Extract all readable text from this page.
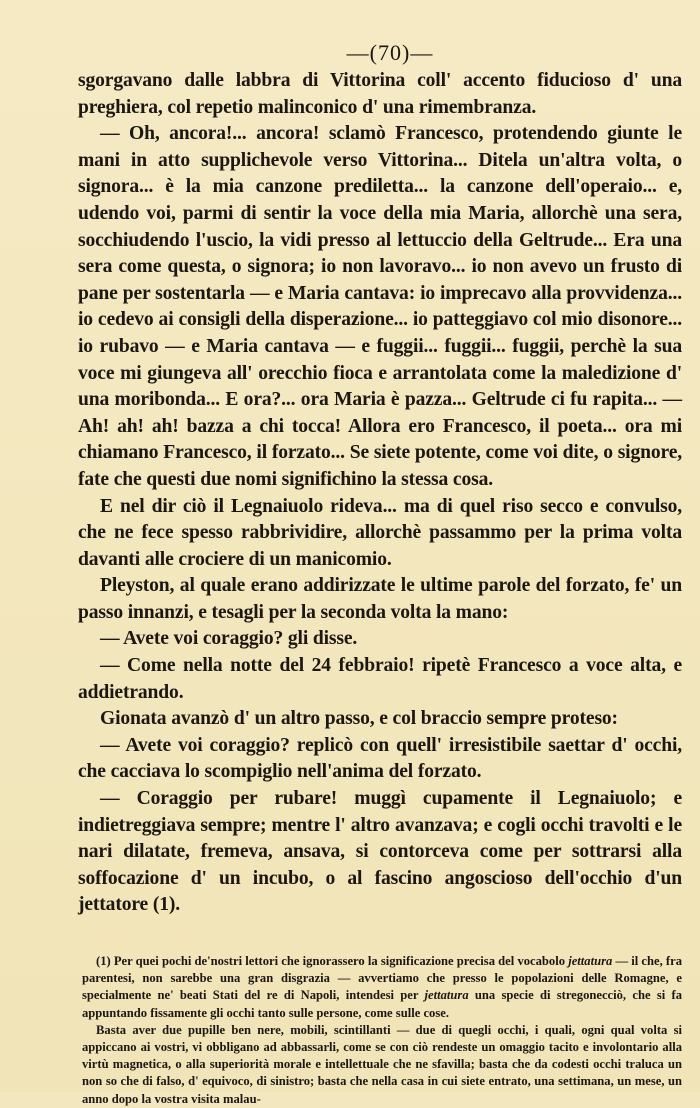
—(70)—

sgorgavano dalle labbra di Vittorina coll' accento fiducioso d' una preghiera, col repetio malinconico d' una rimembranza.

— Oh, ancora!... ancora! sclamò Francesco, protendendo giunte le mani in atto supplichevole verso Vittorina... Ditela un'altra volta, o signora... è la mia canzone prediletta... la canzone dell'operaio... e, udendo voi, parmi di sentir la voce della mia Maria, allorchè una sera, socchiudendo l'uscio, la vidi presso al lettuccio della Geltrude... Era una sera come questa, o signora; io non lavoravo... io non avevo un frusto di pane per sostentarla — e Maria cantava: io imprecavo alla provvidenza... io cedevo ai consigli della disperazione... io patteggiavo col mio disonore... io rubavo — e Maria cantava — e fuggii... fuggii... fuggii, perchè la sua voce mi giungeva all' orecchio fioca e arrantolata come la maledizione d' una moribonda... E ora?... ora Maria è pazza... Geltrude ci fu rapita... — Ah! ah! ah! bazza a chi tocca! Allora ero Francesco, il poeta... ora mi chiamano Francesco, il forzato... Se siete potente, come voi dite, o signore, fate che questi due nomi significhino la stessa cosa.

E nel dir ciò il Legnaiuolo rideva... ma di quel riso secco e convulso, che ne fece spesso rabbrividire, allorchè passammo per la prima volta davanti alle crociere di un manicomio.

Pleyston, al quale erano addirizzate le ultime parole del forzato, fe' un passo innanzi, e tesagli per la seconda volta la mano:

— Avete voi coraggio? gli disse.

— Come nella notte del 24 febbraio! ripetè Francesco a voce alta, e addietrando.

Gionata avanzò d' un altro passo, e col braccio sempre proteso:

— Avete voi coraggio? replicò con quell' irresistibile saettar d' occhi, che cacciava lo scompiglio nell'anima del forzato.

— Coraggio per rubare! muggì cupamente il Legnaiuolo; e indietreggiava sempre; mentre l' altro avanzava; e cogli occhi travolti e le nari dilatate, fremeva, ansava, si contorceva come per sottrarsi alla soffocazione d' un incubo, o al fascino angoscioso dell'occhio d'un jettatore (1).

(1) Per quei pochi de'nostri lettori che ignorassero la significazione precisa del vocabolo jettatura — il che, fra parentesi, non sarebbe una gran disgrazia — avvertiamo che presso le popolazioni delle Romagne, e specialmente ne' beati Stati del re di Napoli, intendesi per jettatura una specie di stregonecciò, che si fa appuntando fissamente gli occhi tanto sulle persone, come sulle cose.

Basta aver due pupille ben nere, mobili, scintillanti — due di quegli occhi, i quali, ogni qual volta si appiccano ai vostri, vi obbligano ad abbassarli, come se con ciò rendeste un omaggio tacito e involontario alla virtù magnetica, o alla superiorità morale e intellettuale che ne sfavilla; basta che da codesti occhi traluca un non so che di falso, d' equivoco, di sinistro; basta che nella casa in cui siete entrato, una settimana, un mese, un anno dopo la vostra visita malau-
